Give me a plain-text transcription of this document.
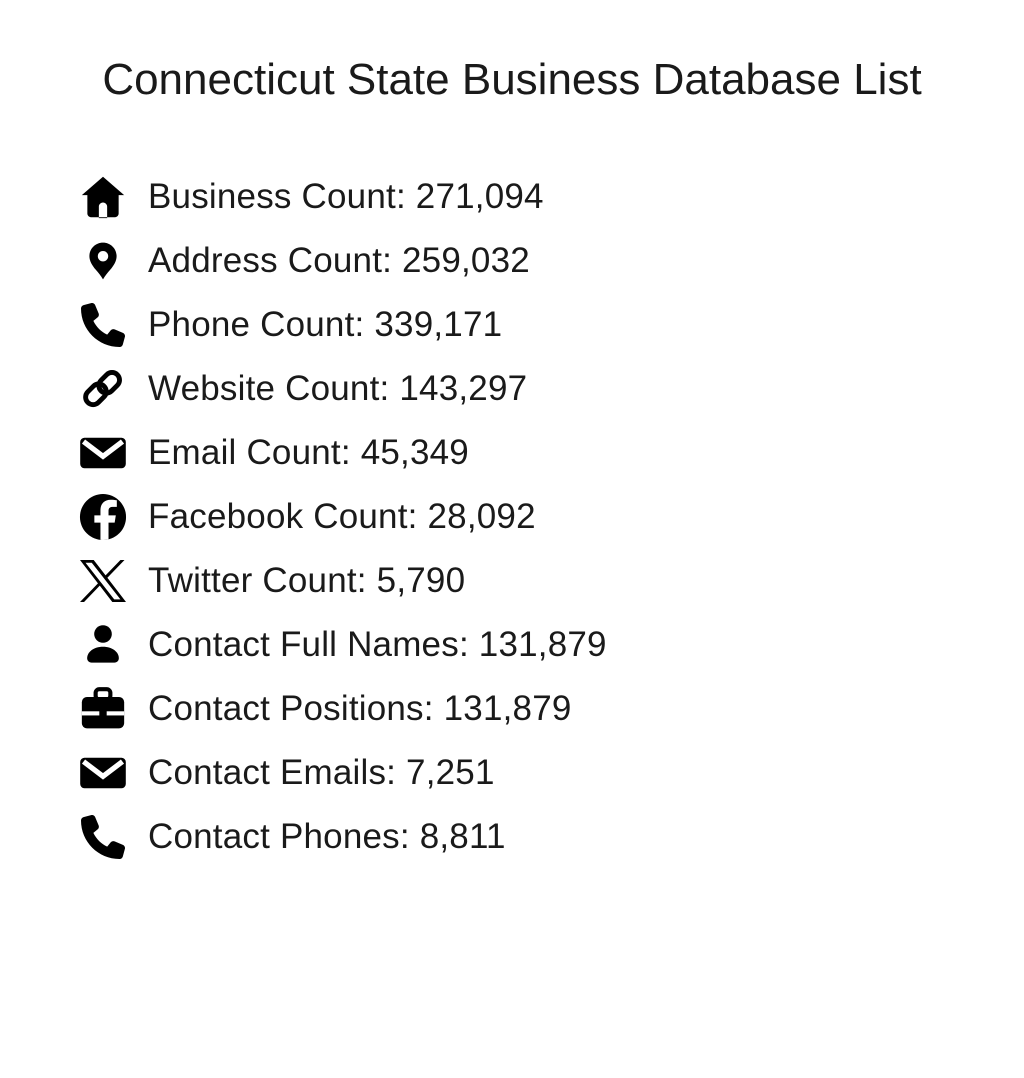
Connecticut State Business Database List
Business Count: 271,094
Address Count: 259,032
Phone Count: 339,171
Website Count: 143,297
Email Count: 45,349
Facebook Count: 28,092
Twitter Count: 5,790
Contact Full Names: 131,879
Contact Positions: 131,879
Contact Emails: 7,251
Contact Phones: 8,811
